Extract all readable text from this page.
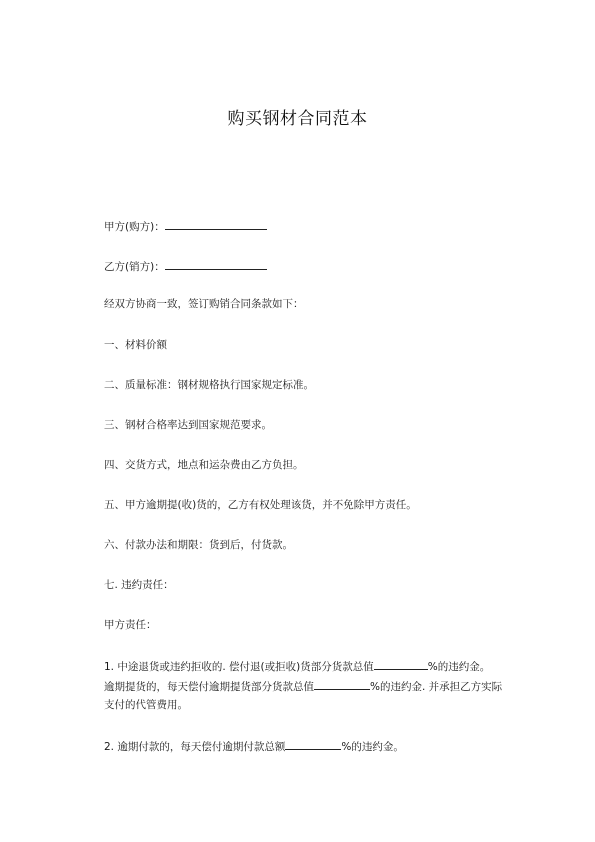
购买钢材合同范本
甲方(购方)：
乙方(销方)：
经双方协商一致，签订购销合同条款如下：
一、材料价额
二、质量标准：钢材规格执行国家规定标准。
三、钢材合格率达到国家规范要求。
四、交货方式，地点和运杂费由乙方负担。
五、甲方逾期提(收)货的，乙方有权处理该货，并不免除甲方责任。
六、付款办法和期限：货到后，付货款。
七. 违约责任：
甲方责任：
1. 中途退货或违约拒收的. 偿付退(或拒收)货部分货款总值	%的违约金。
逾期提货的，每天偿付逾期提货部分货款总值	%的违约金. 并承担乙方实际
支付的代管费用。
2. 逾期付款的，每天偿付逾期付款总额	%的违约金。
